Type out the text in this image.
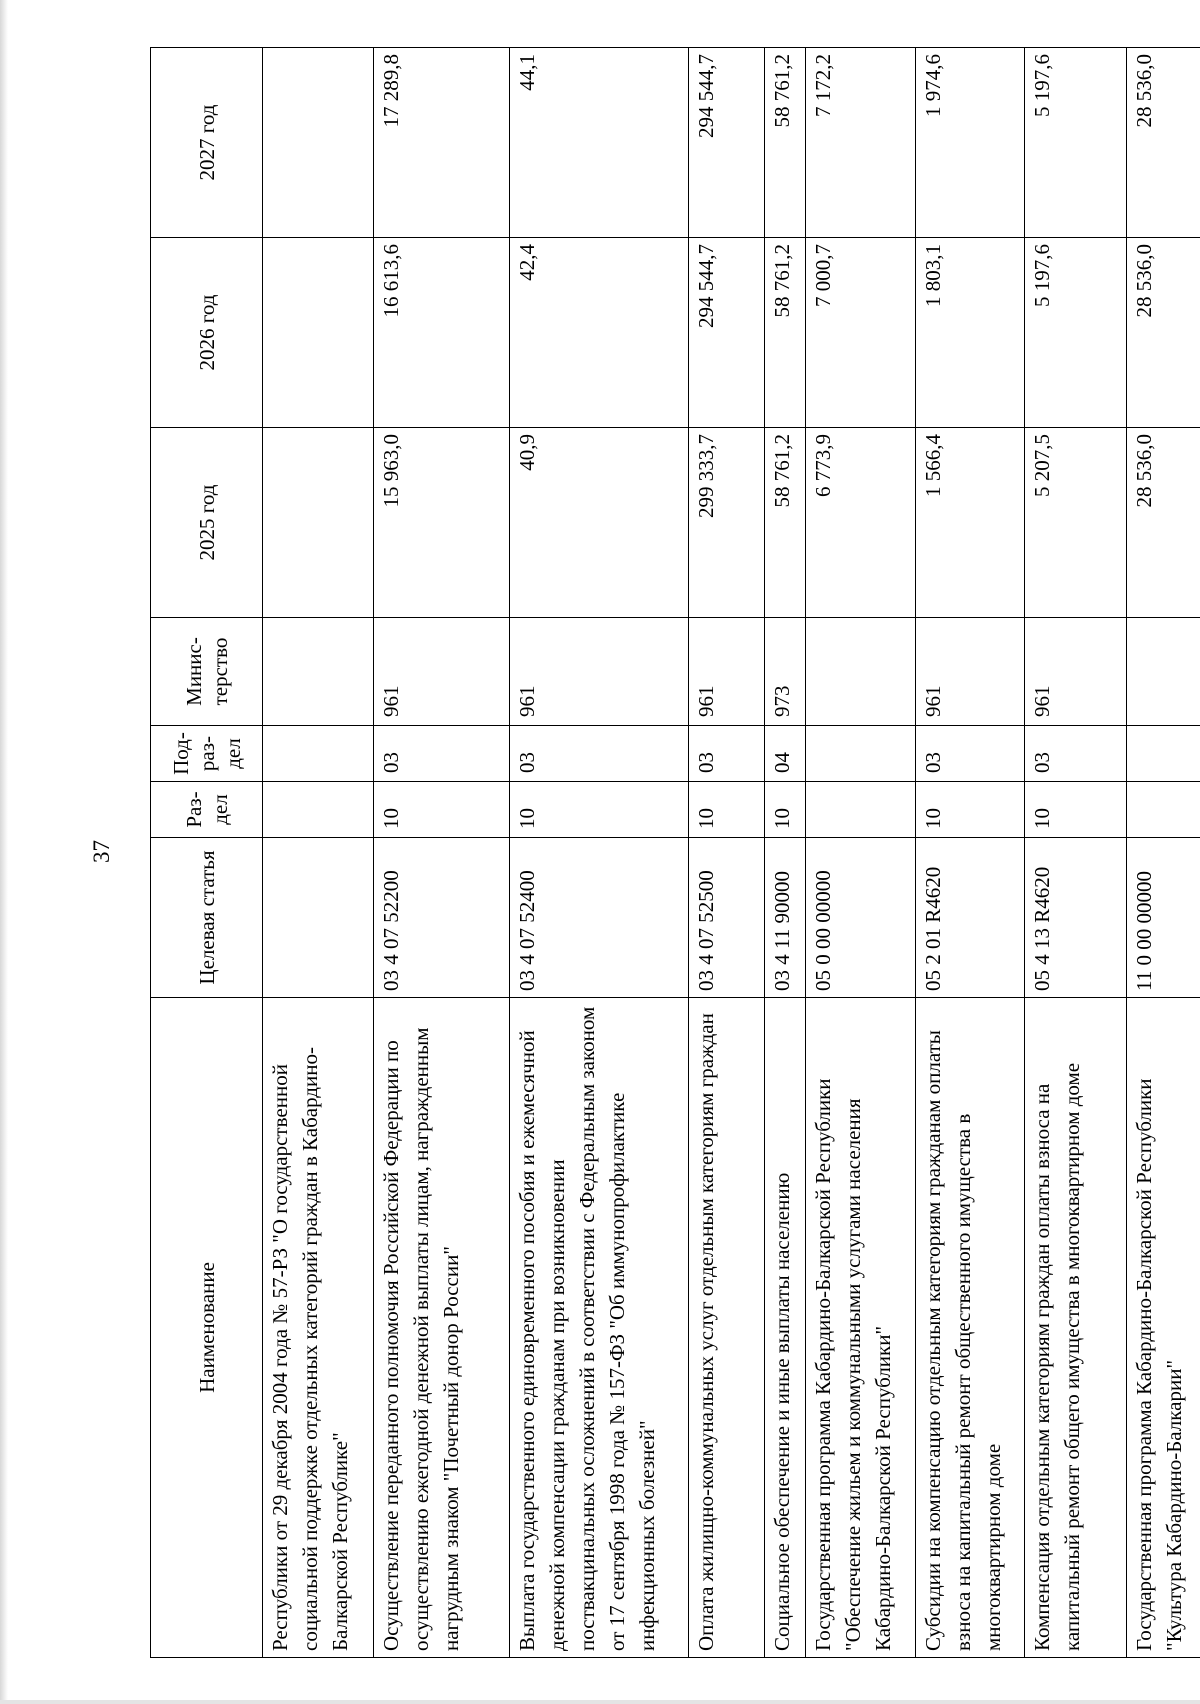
37
Наименование	Целевая статья	Раз-дел	Под-раз-дел	Минис-терство	2025 год	2026 год	2027 год
Республики от 29 декабря 2004 года № 57-РЗ "О государственной социальной поддержке отдельных категорий граждан в Кабардино-Балкарской Республике"							
Осуществление переданного полномочия Российской Федерации по осуществлению ежегодной денежной выплаты лицам, награжденным нагрудным знаком "Почетный донор России"	03 4 07 52200	10	03	961	15 963,0	16 613,6	17 289,8
Выплата государственного единовременного пособия и ежемесячной денежной компенсации гражданам при возникновении поствакцинальных осложнений в соответствии с Федеральным законом от 17 сентября 1998 года № 157-ФЗ "Об иммунопрофилактике инфекционных болезней"	03 4 07 52400	10	03	961	40,9	42,4	44,1
Оплата жилищно-коммунальных услуг отдельным категориям граждан	03 4 07 52500	10	03	961	299 333,7	294 544,7	294 544,7
Социальное обеспечение и иные выплаты населению	03 4 11 90000	10	04	973	58 761,2	58 761,2	58 761,2
Государственная программа Кабардино-Балкарской Республики "Обеспечение жильем и коммунальными услугами населения Кабардино-Балкарской Республики"	05 0 00 00000				6 773,9	7 000,7	7 172,2
Субсидии на компенсацию отдельным категориям гражданам оплаты взноса на капитальный ремонт общественного имущества в многоквартирном доме	05 2 01 R4620	10	03	961	1 566,4	1 803,1	1 974,6
Компенсация отдельным категориям граждан оплаты взноса на капитальный ремонт общего имущества в многоквартирном доме	05 4 13 R4620	10	03	961	5 207,5	5 197,6	5 197,6
Государственная программа Кабардино-Балкарской Республики "Культура Кабардино-Балкарии"	11 0 00 00000				28 536,0	28 536,0	28 536,0
